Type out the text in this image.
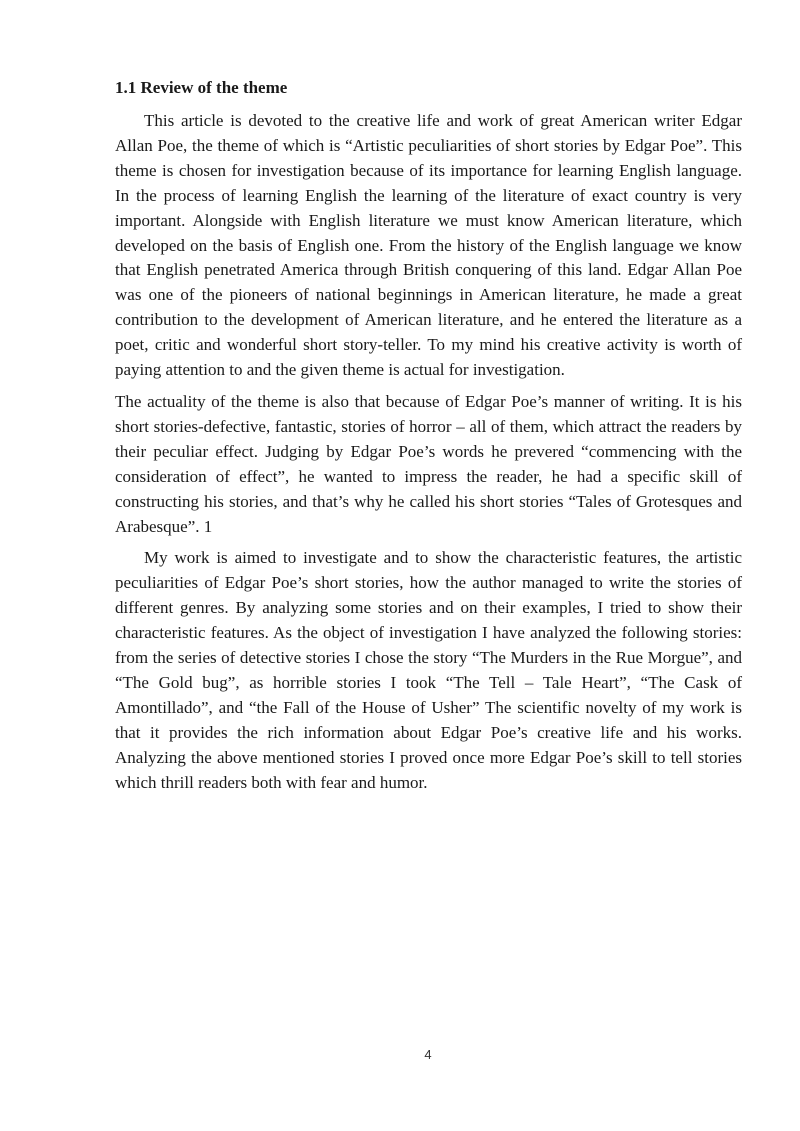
1.1 Review of the theme

This article is devoted to the creative life and work of great American writer Edgar Allan Poe, the theme of which is “Artistic peculiarities of short stories by Edgar Poe”. This theme is chosen for investigation because of its importance for learning English language. In the process of learning English the learning of the literature of exact country is very important. Alongside with English literature we must know American literature, which developed on the basis of English one. From the history of the English language we know that English penetrated America through British conquering of this land. Edgar Allan Poe was one of the pioneers of national beginnings in American literature, he made a great contribution to the development of American literature, and he entered the literature as a poet, critic and wonderful short story-teller. To my mind his creative activity is worth of paying attention to and the given theme is actual for investigation.

The actuality of the theme is also that because of Edgar Poe’s manner of writing. It is his short stories-defective, fantastic, stories of horror – all of them, which attract the readers by their peculiar effect. Judging by Edgar Poe’s words he prevered “commencing with the consideration of effect”, he wanted to impress the reader, he had a specific skill of constructing his stories, and that’s why he called his short stories “Tales of Grotesques and Arabesque”. 1

My work is aimed to investigate and to show the characteristic features, the artistic peculiarities of Edgar Poe’s short stories, how the author managed to write the stories of different genres. By analyzing some stories and on their examples, I tried to show their characteristic features. As the object of investigation I have analyzed the following stories: from the series of detective stories I chose the story “The Murders in the Rue Morgue”, and “The Gold bug”, as horrible stories I took “The Tell – Tale Heart”, “The Cask of Amontillado”, and “the Fall of the House of Usher” The scientific novelty of my work is that it provides the rich information about Edgar Poe’s creative life and his works. Analyzing the above mentioned stories I proved once more Edgar Poe’s skill to tell stories which thrill readers both with fear and humor.

4
